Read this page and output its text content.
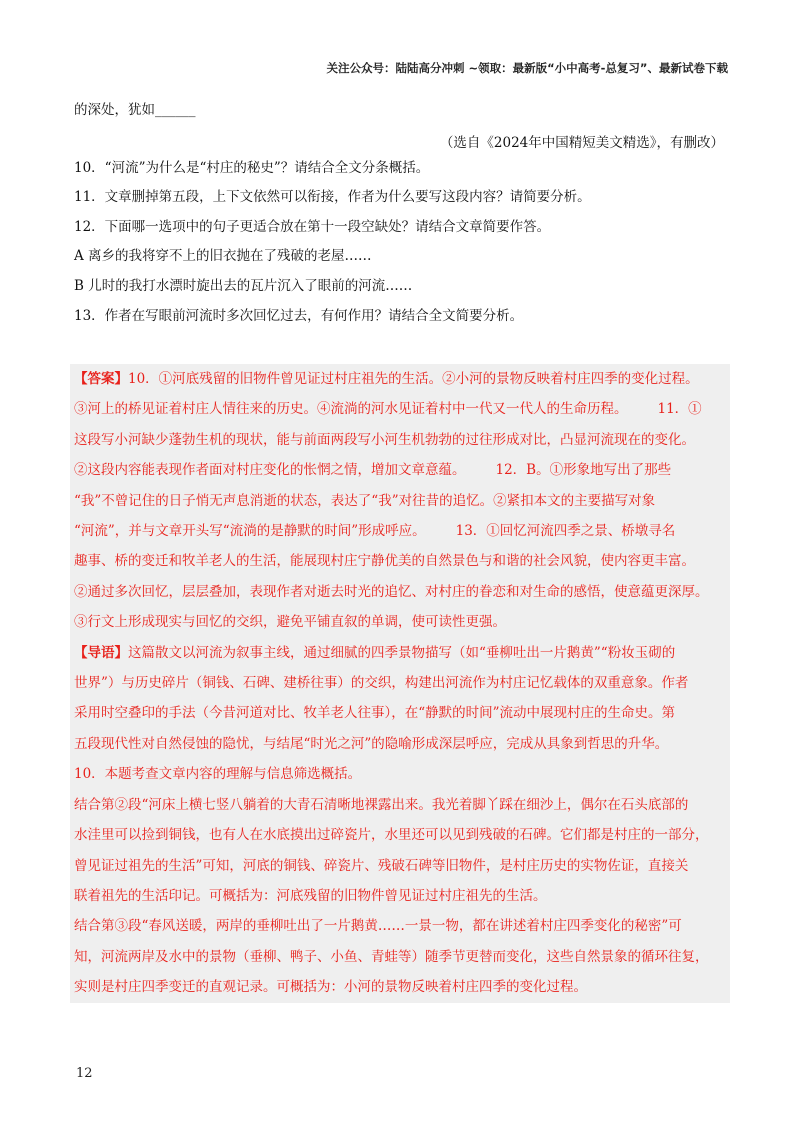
关注公众号：陆陆高分冲刺 ~领取：最新版“小中高考-总复习”、最新试卷下载
的深处，犹如______
（选自《2024年中国精短美文精选》，有删改）
10．“河流”为什么是“村庄的秘史”？请结合全文分条概括。
11．文章删掉第五段，上下文依然可以衔接，作者为什么要写这段内容？请简要分析。
12．下面哪一选项中的句子更适合放在第十一段空缺处？请结合文章简要作答。
A 离乡的我将穿不上的旧衣抛在了残破的老屋……
B 儿时的我打水漂时旋出去的瓦片沉入了眼前的河流……
13．作者在写眼前河流时多次回忆过去，有何作用？请结合全文简要分析。

【答案】10．①河底残留的旧物件曾见证过村庄祖先的生活。②小河的景物反映着村庄四季的变化过程。

③河上的桥见证着村庄人情往来的历史。④流淌的河水见证着村中一代又一代人的生命历程。 11．①

这段写小河缺少蓬勃生机的现状，能与前面两段写小河生机勃勃的过往形成对比，凸显河流现在的变化。

②这段内容能表现作者面对村庄变化的怅惘之情，增加文章意蕴。 12．B。①形象地写出了那些

“我”不曾记住的日子悄无声息消逝的状态，表达了“我”对往昔的追忆。②紧扣本文的主要描写对象

“河流”，并与文章开头写“流淌的是静默的时间”形成呼应。 13．①回忆河流四季之景、桥墩寻名

趣事、桥的变迁和牧羊老人的生活，能展现村庄宁静优美的自然景色与和谐的社会风貌，使内容更丰富。

②通过多次回忆，层层叠加，表现作者对逝去时光的追忆、对村庄的眷恋和对生命的感悟，使意蕴更深厚。

③行文上形成现实与回忆的交织，避免平铺直叙的单调，使可读性更强。

【导语】这篇散文以河流为叙事主线，通过细腻的四季景物描写（如“垂柳吐出一片鹅黄”“粉妆玉砌的

世界”）与历史碎片（铜钱、石碑、建桥往事）的交织，构建出河流作为村庄记忆载体的双重意象。作者

采用时空叠印的手法（今昔河道对比、牧羊老人往事），在“静默的时间”流动中展现村庄的生命史。第

五段现代性对自然侵蚀的隐忧，与结尾“时光之河”的隐喻形成深层呼应，完成从具象到哲思的升华。

10．本题考查文章内容的理解与信息筛选概括。

结合第②段“河床上横七竖八躺着的大青石清晰地裸露出来。我光着脚丫踩在细沙上，偶尔在石头底部的

水洼里可以捡到铜钱，也有人在水底摸出过碎瓷片，水里还可以见到残破的石碑。它们都是村庄的一部分，

曾见证过祖先的生活”可知，河底的铜钱、碎瓷片、残破石碑等旧物件，是村庄历史的实物佐证，直接关

联着祖先的生活印记。可概括为：河底残留的旧物件曾见证过村庄祖先的生活。

结合第③段“春风送暖，两岸的垂柳吐出了一片鹅黄……一景一物，都在讲述着村庄四季变化的秘密”可

知，河流两岸及水中的景物（垂柳、鸭子、小鱼、青蛙等）随季节更替而变化，这些自然景象的循环往复，

实则是村庄四季变迁的直观记录。可概括为：小河的景物反映着村庄四季的变化过程。

12
